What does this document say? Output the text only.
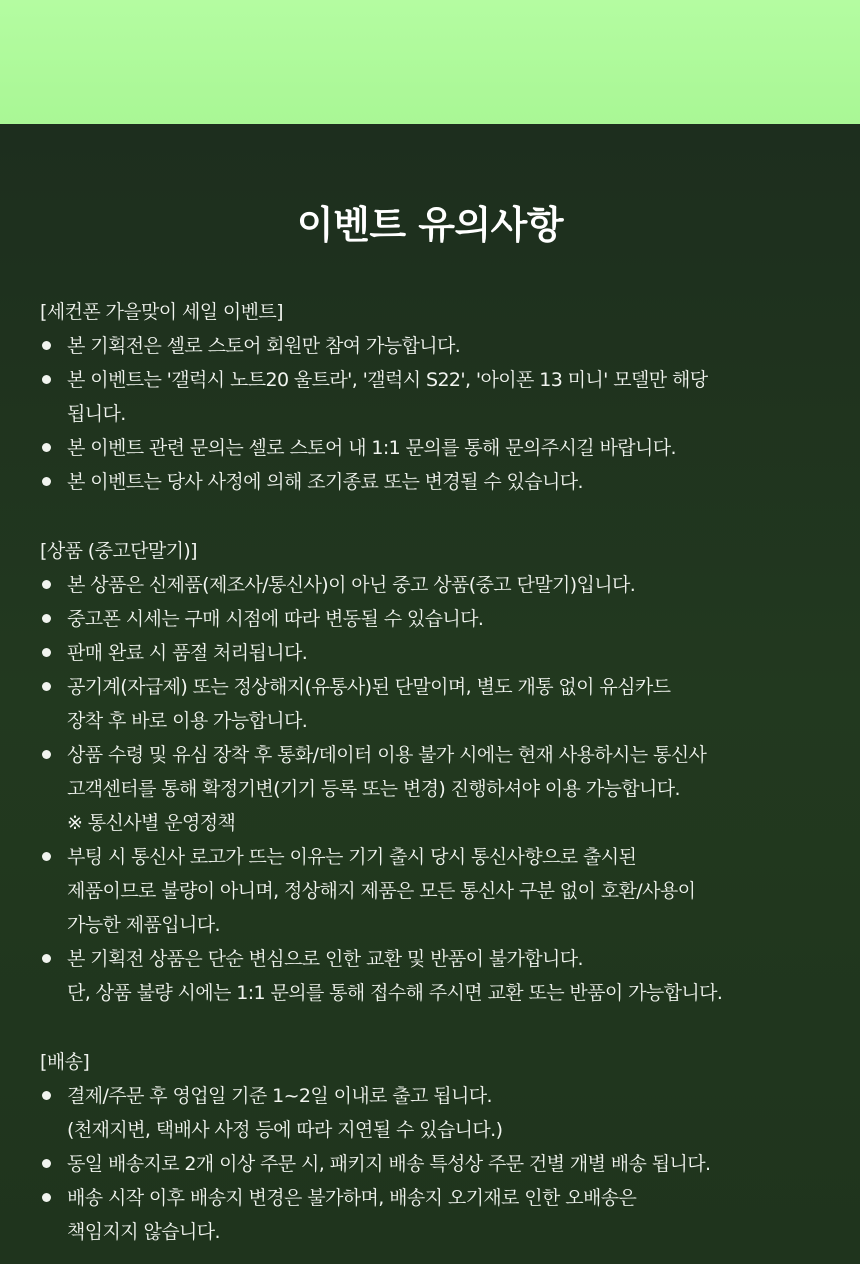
이벤트 유의사항
[세컨폰 가을맞이 세일 이벤트]
본 기획전은 셀로 스토어 회원만 참여 가능합니다.
본 이벤트는 '갤럭시 노트20 울트라', '갤럭시 S22', '아이폰 13 미니' 모델만 해당
됩니다.
본 이벤트 관련 문의는 셀로 스토어 내 1:1 문의를 통해 문의주시길 바랍니다.
본 이벤트는 당사 사정에 의해 조기종료 또는 변경될 수 있습니다.
[상품 (중고단말기)]
본 상품은 신제품(제조사/통신사)이 아닌 중고 상품(중고 단말기)입니다.
중고폰 시세는 구매 시점에 따라 변동될 수 있습니다.
판매 완료 시 품절 처리됩니다.
공기계(자급제) 또는 정상해지(유통사)된 단말이며, 별도 개통 없이 유심카드
장착 후 바로 이용 가능합니다.
상품 수령 및 유심 장착 후 통화/데이터 이용 불가 시에는 현재 사용하시는 통신사
고객센터를 통해 확정기변(기기 등록 또는 변경) 진행하셔야 이용 가능합니다.
※ 통신사별 운영정책
부팅 시 통신사 로고가 뜨는 이유는 기기 출시 당시 통신사향으로 출시된
제품이므로 불량이 아니며, 정상해지 제품은 모든 통신사 구분 없이 호환/사용이
가능한 제품입니다.
본 기획전 상품은 단순 변심으로 인한 교환 및 반품이 불가합니다.
단, 상품 불량 시에는 1:1 문의를 통해 접수해 주시면 교환 또는 반품이 가능합니다.
[배송]
결제/주문 후 영업일 기준 1~2일 이내로 출고 됩니다.
(천재지변, 택배사 사정 등에 따라 지연될 수 있습니다.)
동일 배송지로 2개 이상 주문 시, 패키지 배송 특성상 주문 건별 개별 배송 됩니다.
배송 시작 이후 배송지 변경은 불가하며, 배송지 오기재로 인한 오배송은
책임지지 않습니다.
